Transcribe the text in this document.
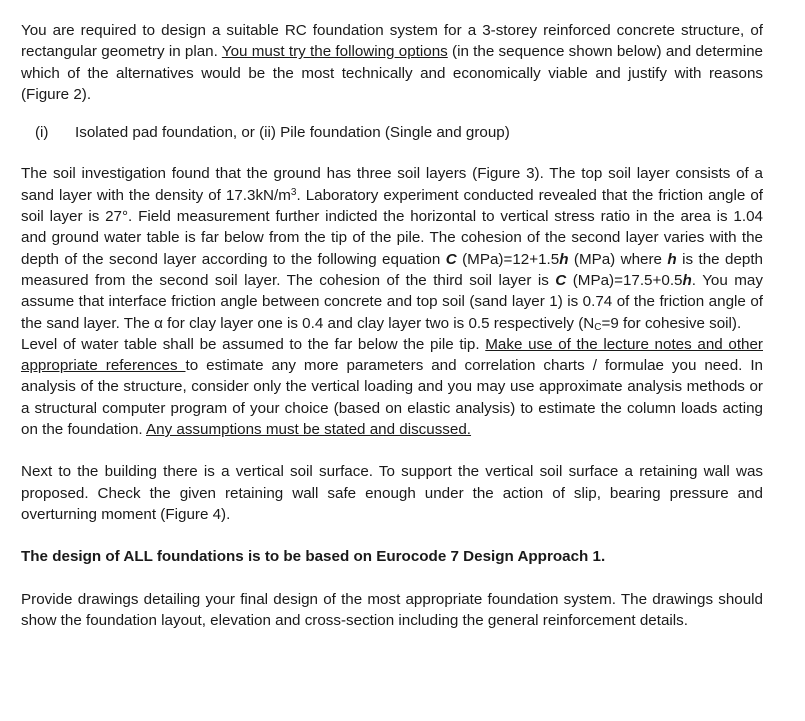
You are required to design a suitable RC foundation system for a 3-storey reinforced concrete structure, of rectangular geometry in plan. You must try the following options (in the sequence shown below) and determine which of the alternatives would be the most technically and economically viable and justify with reasons (Figure 2).

(i)	Isolated pad foundation, or (ii) Pile foundation (Single and group)

The soil investigation found that the ground has three soil layers (Figure 3). The top soil layer consists of a sand layer with the density of $17.3kN/m^3$. Laboratory experiment conducted revealed that the friction angle of soil layer is 27°. Field measurement further indicted the horizontal to vertical stress ratio in the area is 1.04 and ground water table is far below from the tip of the pile. The cohesion of the second layer varies with the depth of the second layer according to the following equation C (MPa)=12+1.5h (MPa) where h is the depth measured from the second soil layer. The cohesion of the third soil layer is C (MPa)=17.5+0.5h. You may assume that interface friction angle between concrete and top soil (sand layer 1) is 0.74 of the friction angle of the sand layer. The α for clay layer one is 0.4 and clay layer two is 0.5 respectively ($N_C=9$ for cohesive soil).

Level of water table shall be assumed to the far below the pile tip. Make use of the lecture notes and other appropriate references to estimate any more parameters and correlation charts / formulae you need. In analysis of the structure, consider only the vertical loading and you may use approximate analysis methods or a structural computer program of your choice (based on elastic analysis) to estimate the column loads acting on the foundation. Any assumptions must be stated and discussed.

Next to the building there is a vertical soil surface. To support the vertical soil surface a retaining wall was proposed. Check the given retaining wall safe enough under the action of slip, bearing pressure and overturning moment (Figure 4).

The design of ALL foundations is to be based on Eurocode 7 Design Approach 1.

Provide drawings detailing your final design of the most appropriate foundation system. The drawings should show the foundation layout, elevation and cross-section including the general reinforcement details.
